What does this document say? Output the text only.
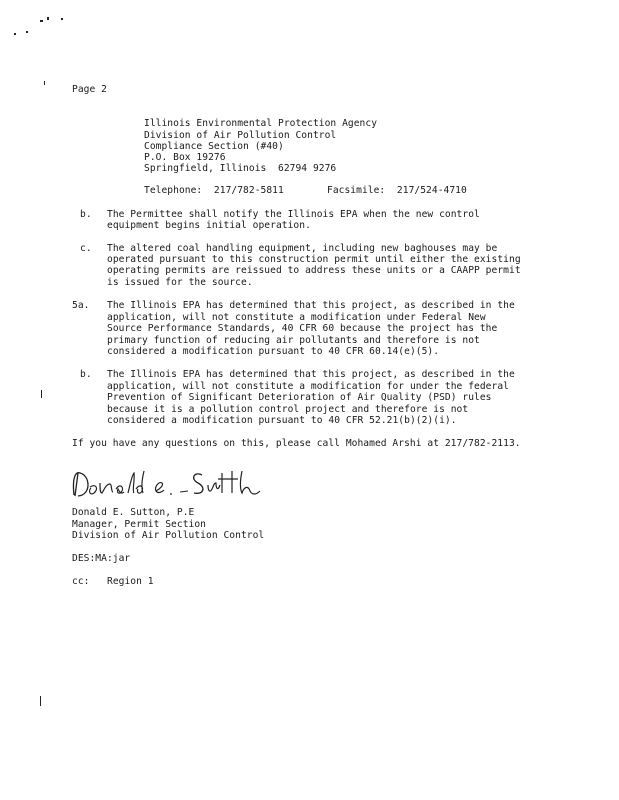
Page 2
Illinois Environmental Protection Agency
Division of Air Pollution Control
Compliance Section (#40)
P.O. Box 19276
Springfield, Illinois  62794 9276
Telephone:  217/782-5811	Facsimile:  217/524-4710
b. The Permittee shall notify the Illinois EPA when the new control
equipment begins initial operation.
c. The altered coal handling equipment, including new baghouses may be
operated pursuant to this construction permit until either the existing
operating permits are reissued to address these units or a CAAPP permit
is issued for the source.
5a. The Illinois EPA has determined that this project, as described in the
application, will not constitute a modification under Federal New
Source Performance Standards, 40 CFR 60 because the project has the
primary function of reducing air pollutants and therefore is not
considered a modification pursuant to 40 CFR 60.14(e)(5).
b. The Illinois EPA has determined that this project, as described in the
application, will not constitute a modification for under the federal
Prevention of Significant Deterioration of Air Quality (PSD) rules
because it is a pollution control project and therefore is not
considered a modification pursuant to 40 CFR 52.21(b)(2)(i).
If you have any questions on this, please call Mohamed Arshi at 217/782-2113.
Donald E. Sutton, P.E
Manager, Permit Section
Division of Air Pollution Control
DES:MA:jar
cc: Region 1
